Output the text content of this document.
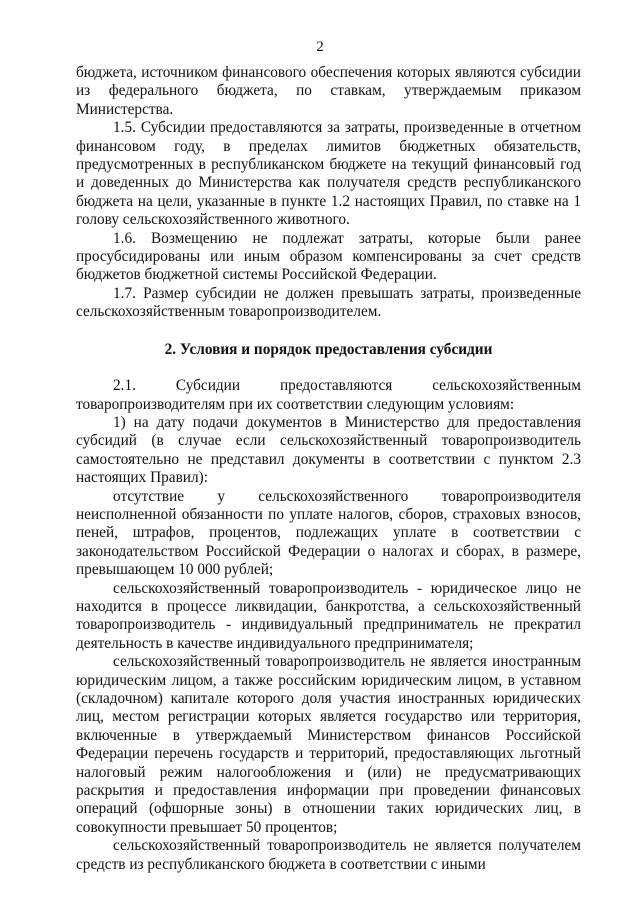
2

бюджета, источником финансового обеспечения которых являются субсидии из федерального бюджета, по ставкам, утверждаемым приказом Министерства.

1.5. Субсидии предоставляются за затраты, произведенные в отчетном финансовом году, в пределах лимитов бюджетных обязательств, предусмотренных в республиканском бюджете на текущий финансовый год и доведенных до Министерства как получателя средств республиканского бюджета на цели, указанные в пункте 1.2 настоящих Правил, по ставке на 1 голову сельскохозяйственного животного.

1.6. Возмещению не подлежат затраты, которые были ранее просубсидированы или иным образом компенсированы за счет средств бюджетов бюджетной системы Российской Федерации.

1.7. Размер субсидии не должен превышать затраты, произведенные сельскохозяйственным товаропроизводителем.

2. Условия и порядок предоставления субсидии

2.1. Субсидии предоставляются сельскохозяйственным товаропроизводителям при их соответствии следующим условиям:

1) на дату подачи документов в Министерство для предоставления субсидий (в случае если сельскохозяйственный товаропроизводитель самостоятельно не представил документы в соответствии с пунктом 2.3 настоящих Правил):

отсутствие у сельскохозяйственного товаропроизводителя неисполненной обязанности по уплате налогов, сборов, страховых взносов, пеней, штрафов, процентов, подлежащих уплате в соответствии с законодательством Российской Федерации о налогах и сборах, в размере, превышающем 10 000 рублей;

сельскохозяйственный товаропроизводитель - юридическое лицо не находится в процессе ликвидации, банкротства, а сельскохозяйственный товаропроизводитель - индивидуальный предприниматель не прекратил деятельность в качестве индивидуального предпринимателя;

сельскохозяйственный товаропроизводитель не является иностранным юридическим лицом, а также российским юридическим лицом, в уставном (складочном) капитале которого доля участия иностранных юридических лиц, местом регистрации которых является государство или территория, включенные в утверждаемый Министерством финансов Российской Федерации перечень государств и территорий, предоставляющих льготный налоговый режим налогообложения и (или) не предусматривающих раскрытия и предоставления информации при проведении финансовых операций (офшорные зоны) в отношении таких юридических лиц, в совокупности превышает 50 процентов;

сельскохозяйственный товаропроизводитель не является получателем средств из республиканского бюджета в соответствии с иными
